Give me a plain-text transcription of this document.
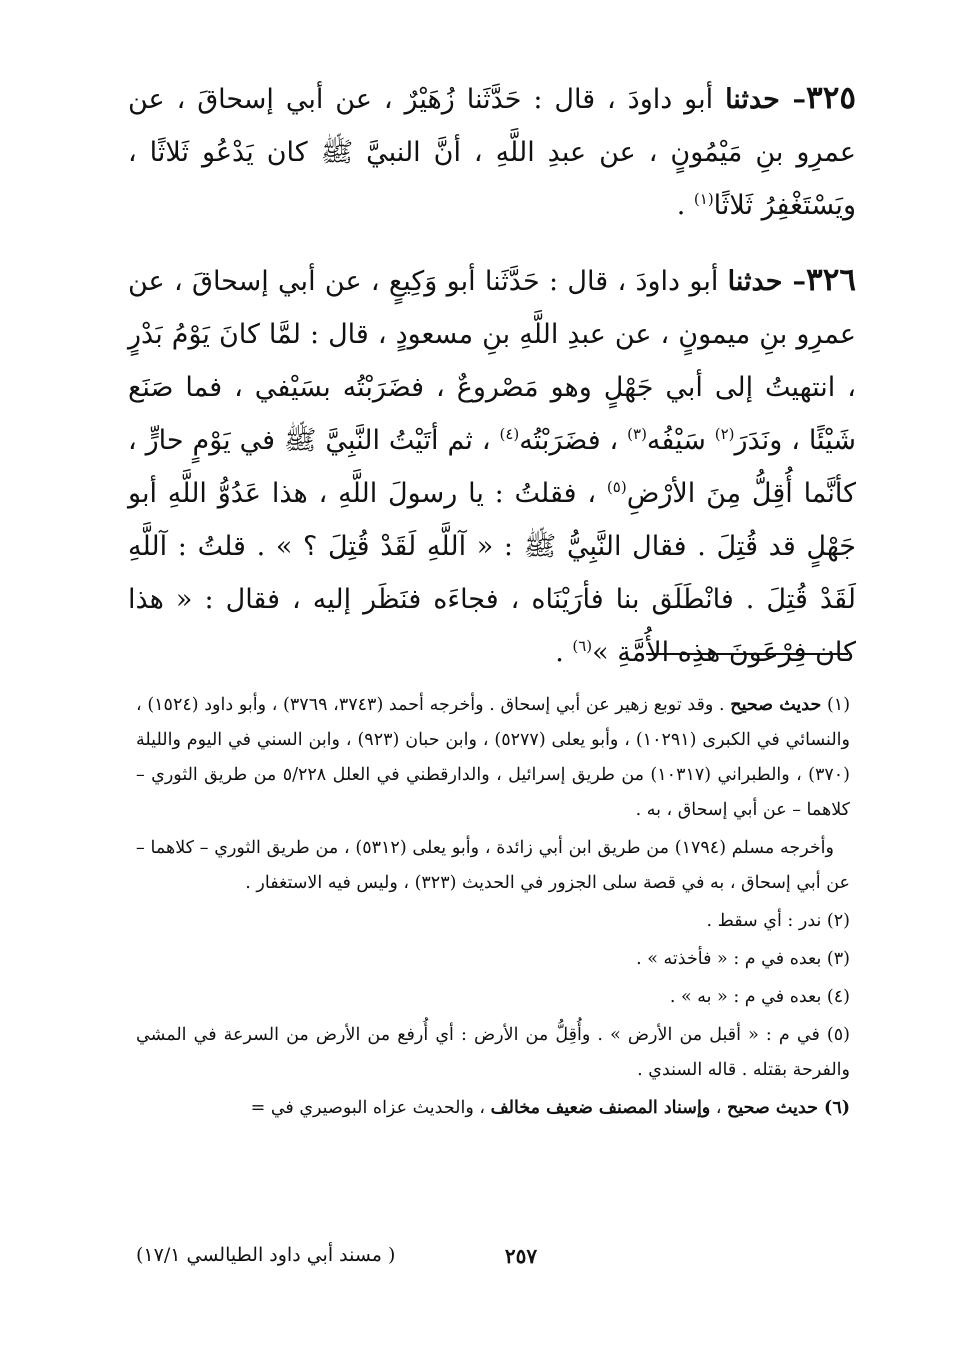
٣٢٥– حدثنا أبو داودَ ، قال : حَدَّثَنا زُهَيْرٌ ، عن أبي إسحاقَ ، عن عمرِو بنِ مَيْمُونٍ ، عن عبدِ اللَّهِ ، أنَّ النبيَّ ﷺ كان يَدْعُو ثَلاثًا ، ويَسْتَغْفِرُ ثَلاثًا$^{(١)}$ .

٣٢٦– حدثنا أبو داودَ ، قال : حَدَّثَنا أبو وَكِيعٍ ، عن أبي إسحاقَ ، عن عمرِو بنِ ميمونٍ ، عن عبدِ اللَّهِ بنِ مسعودٍ ، قال : لمَّا كانَ يَوْمُ بَدْرٍ ، انتهيتُ إلى أبي جَهْلٍ وهو مَصْروعٌ ، فضَرَبْتُه بسَيْفي ، فما صَنَع شَيْئًا ، ونَدَرَ$^{(٢)}$ سَيْفُه$^{(٣)}$ ، فضَرَبْتُه$^{(٤)}$ ، ثم أتَيْتُ النَّبِيَّ ﷺ في يَوْمٍ حارٍّ ، كأنَّما أُقِلُّ مِنَ الأرْضِ$^{(٥)}$ ، فقلتُ : يا رسولَ اللَّهِ ، هذا عَدُوُّ اللَّهِ أبو جَهْلٍ قد قُتِلَ . فقال النَّبِيُّ ﷺ : « آللَّهِ لَقَدْ قُتِلَ ؟ » . قلتُ : آللَّهِ لَقَدْ قُتِلَ . فانْطَلَق بنا فأرَيْنَاه ، فجاءَه فنَظَر إليه ، فقال : « هذا كان فِرْعَونَ هذِه الأُمَّةِ »$^{(٦)}$ .

(١) حديث صحيح . وقد توبع زهير عن أبي إسحاق . وأخرجه أحمد (٣٧٤٣، ٣٧٦٩) ، وأبو داود (١٥٢٤) ، والنسائي في الكبرى (١٠٢٩١) ، وأبو يعلى (٥٢٧٧) ، وابن حبان (٩٢٣) ، وابن السني في اليوم والليلة (٣٧٠) ، والطبراني (١٠٣١٧) من طريق إسرائيل ، والدارقطني في العلل ٥/٢٢٨ من طريق الثوري – كلاهما – عن أبي إسحاق ، به .

وأخرجه مسلم (١٧٩٤) من طريق ابن أبي زائدة ، وأبو يعلى (٥٣١٢) ، من طريق الثوري – كلاهما – عن أبي إسحاق ، به في قصة سلى الجزور في الحديث (٣٢٣) ، وليس فيه الاستغفار .

(٢) ندر : أي سقط .

(٣) بعده في م : « فأخذته » .

(٤) بعده في م : « به » .

(٥) في م : « أقبل من الأرض » . وأُقِلُّ من الأرض : أي أُرفع من الأرض من السرعة في المشي والفرحة بقتله . قاله السندي .

(٦) حديث صحيح ، وإسناد المصنف ضعيف مخالف ، والحديث عزاه البوصيري في =

( مسند أبي داود الطيالسي ١٧/١)	٢٥٧
